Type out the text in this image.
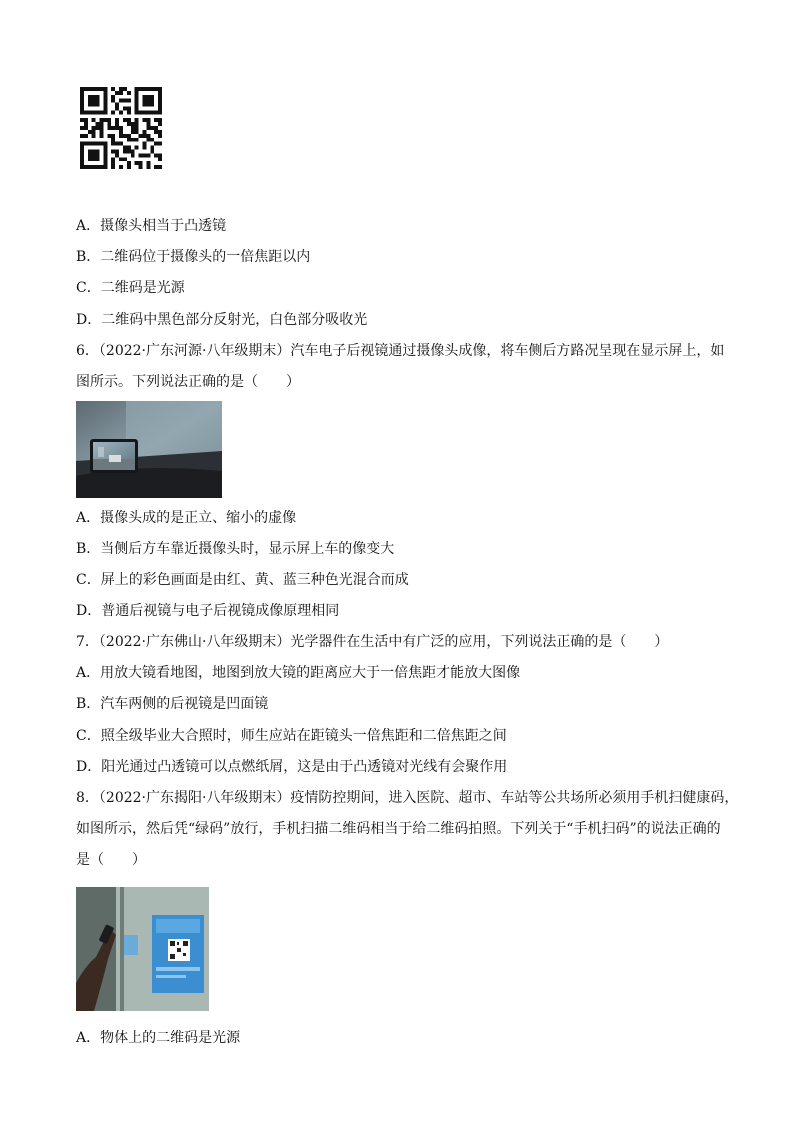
A．摄像头相当于凸透镜
B．二维码位于摄像头的一倍焦距以内
C．二维码是光源
D．二维码中黑色部分反射光，白色部分吸收光
6．（2022·广东河源·八年级期末）汽车电子后视镜通过摄像头成像，将车侧后方路况呈现在显示屏上，如
图所示。下列说法正确的是（　　）
A．摄像头成的是正立、缩小的虚像
B．当侧后方车靠近摄像头时，显示屏上车的像变大
C．屏上的彩色画面是由红、黄、蓝三种色光混合而成
D．普通后视镜与电子后视镜成像原理相同
7．（2022·广东佛山·八年级期末）光学器件在生活中有广泛的应用，下列说法正确的是（　　）
A．用放大镜看地图，地图到放大镜的距离应大于一倍焦距才能放大图像
B．汽车两侧的后视镜是凹面镜
C．照全级毕业大合照时，师生应站在距镜头一倍焦距和二倍焦距之间
D．阳光通过凸透镜可以点燃纸屑，这是由于凸透镜对光线有会聚作用
8．（2022·广东揭阳·八年级期末）疫情防控期间，进入医院、超市、车站等公共场所必须用手机扫健康码，
如图所示，然后凭“绿码”放行，手机扫描二维码相当于给二维码拍照。下列关于“手机扫码”的说法正确的
是（　　）
A．物体上的二维码是光源
